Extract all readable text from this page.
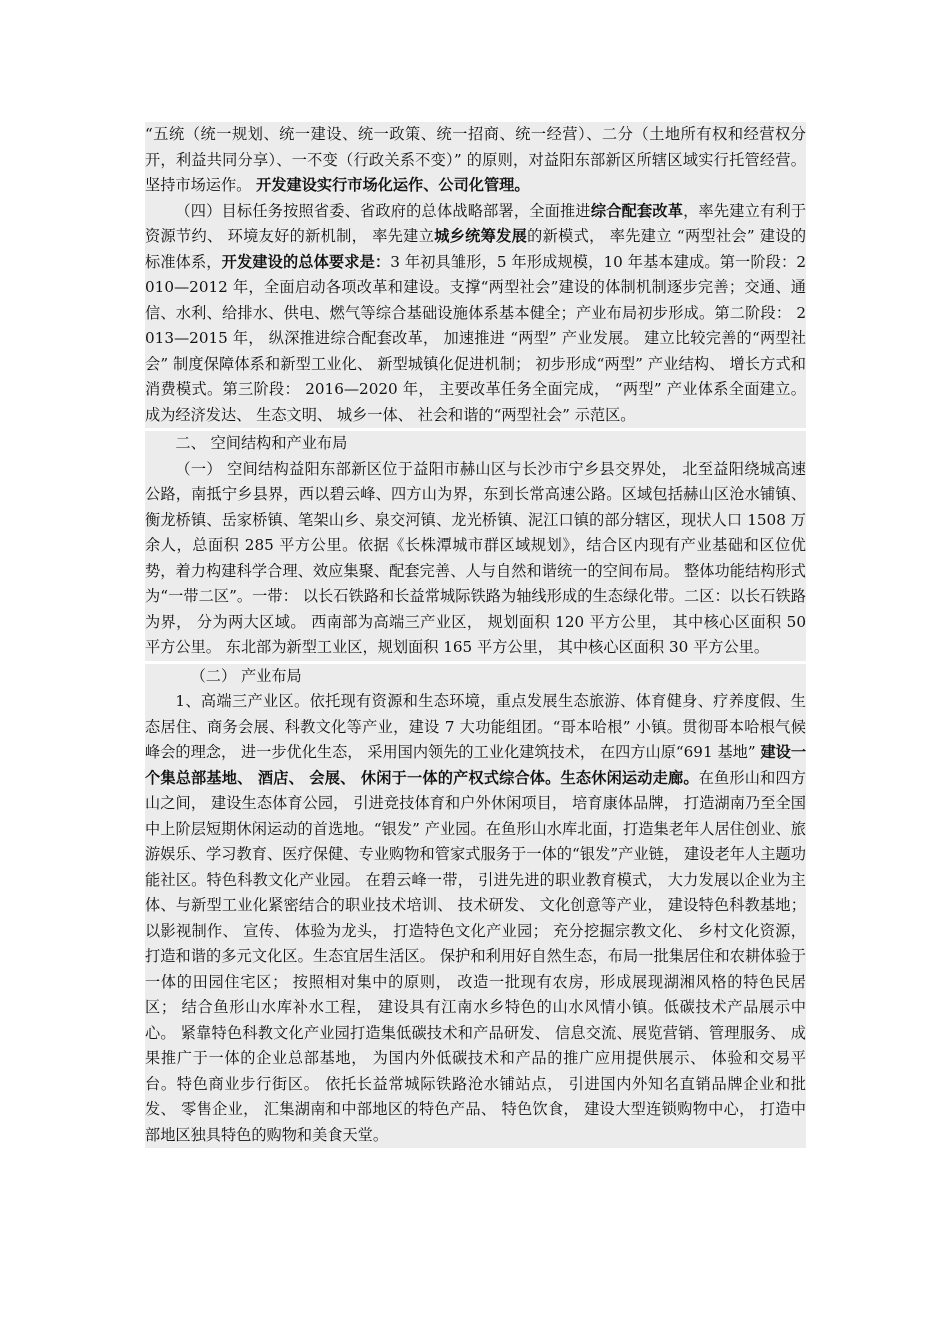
“五统（统一规划、统一建设、统一政策、统一招商、统一经营）、二分（土地所有权和经营权分开，利益共同分享）、一不变（行政关系不变）” 的原则，对益阳东部新区所辖区域实行托管经营。坚持市场运作。 开发建设实行市场化运作、公司化管理。

（四）目标任务按照省委、省政府的总体战略部署，全面推进综合配套改革，率先建立有利于资源节约、 环境友好的新机制， 率先建立城乡统筹发展的新模式， 率先建立 “两型社会” 建设的标准体系，开发建设的总体要求是：3 年初具雏形，5 年形成规模，10 年基本建成。第一阶段：2010—2012 年，全面启动各项改革和建设。支撑“两型社会”建设的体制机制逐步完善；交通、通信、水利、给排水、供电、燃气等综合基础设施体系基本健全；产业布局初步形成。第二阶段： 2013—2015 年， 纵深推进综合配套改革， 加速推进 “两型” 产业发展。 建立比较完善的“两型社会” 制度保障体系和新型工业化、 新型城镇化促进机制； 初步形成“两型” 产业结构、 增长方式和消费模式。第三阶段： 2016—2020 年， 主要改革任务全面完成， “两型” 产业体系全面建立。 成为经济发达、 生态文明、 城乡一体、 社会和谐的“两型社会” 示范区。

二、 空间结构和产业布局

（一） 空间结构益阳东部新区位于益阳市赫山区与长沙市宁乡县交界处， 北至益阳绕城高速公路，南抵宁乡县界，西以碧云峰、四方山为界，东到长常高速公路。区域包括赫山区沧水铺镇、衡龙桥镇、岳家桥镇、笔架山乡、泉交河镇、龙光桥镇、泥江口镇的部分辖区，现状人口 1508 万余人，总面积 285 平方公里。依据《长株潭城市群区域规划》，结合区内现有产业基础和区位优势，着力构建科学合理、效应集聚、配套完善、人与自然和谐统一的空间布局。 整体功能结构形式为“一带二区”。一带： 以长石铁路和长益常城际铁路为轴线形成的生态绿化带。二区：以长石铁路为界， 分为两大区域。 西南部为高端三产业区， 规划面积 120 平方公里， 其中核心区面积 50 平方公里。 东北部为新型工业区，规划面积 165 平方公里， 其中核心区面积 30 平方公里。

（二） 产业布局

1、高端三产业区。依托现有资源和生态环境，重点发展生态旅游、体育健身、疗养度假、生态居住、商务会展、科教文化等产业，建设 7 大功能组团。“哥本哈根” 小镇。贯彻哥本哈根气候峰会的理念， 进一步优化生态， 采用国内领先的工业化建筑技术， 在四方山原“691 基地” 建设一个集总部基地、 酒店、 会展、 休闲于一体的产权式综合体。生态休闲运动走廊。在鱼形山和四方山之间， 建设生态体育公园， 引进竞技体育和户外休闲项目， 培育康体品牌， 打造湖南乃至全国中上阶层短期休闲运动的首选地。“银发” 产业园。在鱼形山水库北面，打造集老年人居住创业、旅游娱乐、学习教育、医疗保健、专业购物和管家式服务于一体的“银发”产业链， 建设老年人主题功能社区。特色科教文化产业园。 在碧云峰一带， 引进先进的职业教育模式， 大力发展以企业为主体、与新型工业化紧密结合的职业技术培训、 技术研发、 文化创意等产业， 建设特色科教基地； 以影视制作、 宣传、 体验为龙头， 打造特色文化产业园； 充分挖掘宗教文化、 乡村文化资源， 打造和谐的多元文化区。生态宜居生活区。 保护和利用好自然生态，布局一批集居住和农耕体验于一体的田园住宅区； 按照相对集中的原则， 改造一批现有农房，形成展现湖湘风格的特色民居区； 结合鱼形山水库补水工程， 建设具有江南水乡特色的山水风情小镇。低碳技术产品展示中心。 紧靠特色科教文化产业园打造集低碳技术和产品研发、 信息交流、展览营销、管理服务、 成果推广于一体的企业总部基地， 为国内外低碳技术和产品的推广应用提供展示、 体验和交易平台。特色商业步行街区。 依托长益常城际铁路沧水铺站点， 引进国内外知名直销品牌企业和批发、 零售企业， 汇集湖南和中部地区的特色产品、 特色饮食， 建设大型连锁购物中心， 打造中部地区独具特色的购物和美食天堂。
